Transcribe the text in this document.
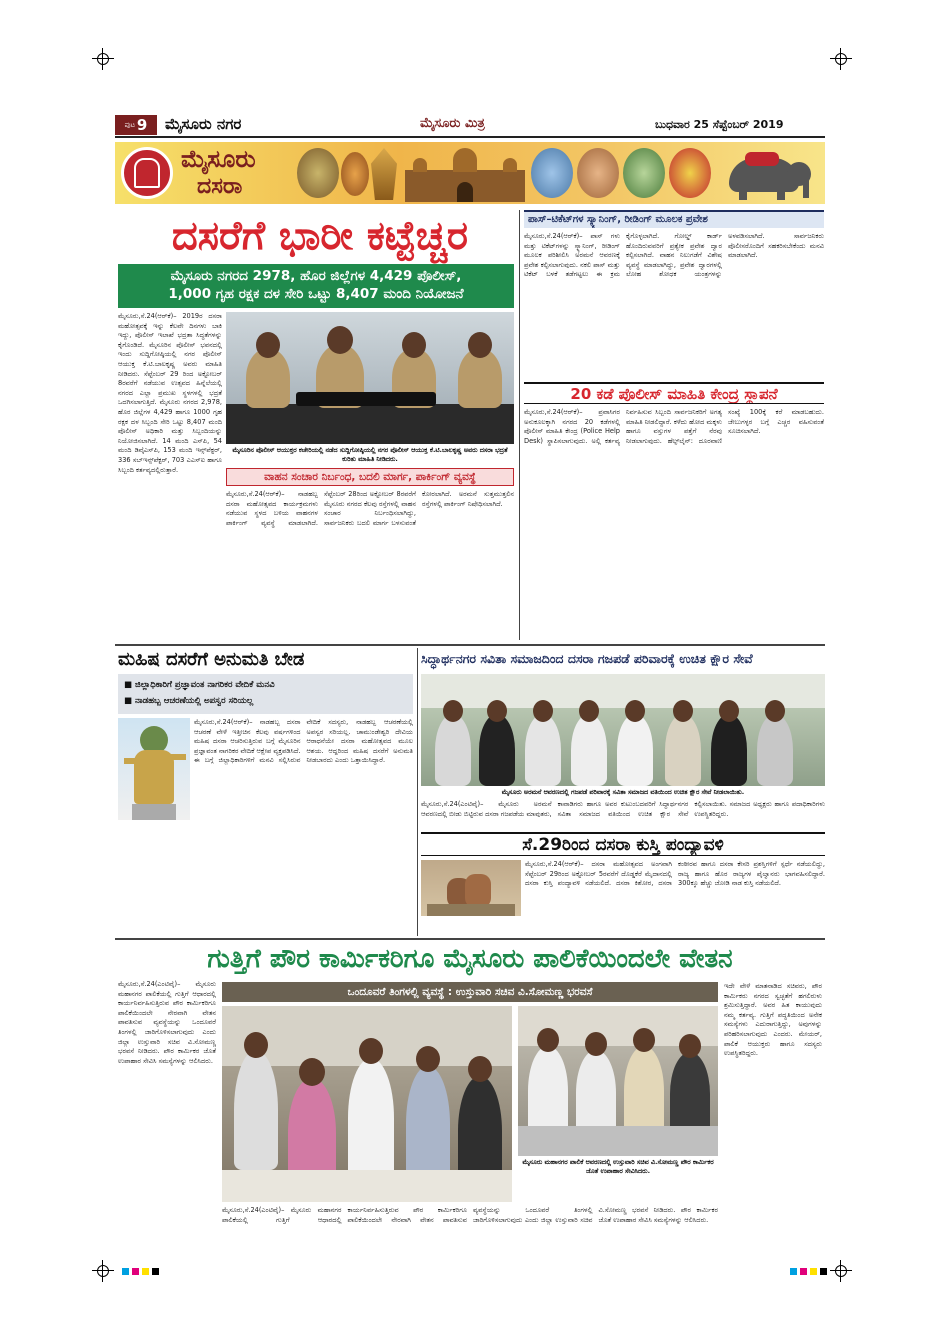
ಪುಟ 9 ಮೈಸೂರು ನಗರ	ಮೈಸೂರು ಮಿತ್ರ	ಬುಧವಾರ 25 ಸೆಪ್ಟೆಂಬರ್ 2019
ಮೈಸೂರು
ದಸರಾ
ದಸರೆಗೆ ಭಾರೀ ಕಟ್ಟೆಚ್ಚರ
ಮೈಸೂರು ನಗರದ 2978, ಹೊರ ಜಿಲ್ಲೆಗಳ 4,429 ಪೊಲೀಸ್,
1,000 ಗೃಹ ರಕ್ಷಕ ದಳ ಸೇರಿ ಒಟ್ಟು 8,407 ಮಂದಿ ನಿಯೋಜನೆ
ಮೈಸೂರು,ಸೆ.24(ಆರ್‌ಕೆ)– 2019ರ ದಸರಾ ಮಹೋತ್ಸವಕ್ಕೆ ಇನ್ನು ಕೆಲವೇ ದಿನಗಳು ಬಾಕಿ ಇದ್ದು, ಪೊಲೀಸ್ ಇಲಾಖೆ ಭದ್ರತಾ ಸಿದ್ಧತೆಗಳನ್ನು ಕೈಗೊಂಡಿದೆ. ಮೈಸೂರಿನ ಪೊಲೀಸ್ ಭವನದಲ್ಲಿ ಇಂದು ಸುದ್ದಿಗೋಷ್ಠಿಯಲ್ಲಿ ನಗರ ಪೊಲೀಸ್ ಆಯುಕ್ತ ಕೆ.ಟಿ.ಬಾಲಕೃಷ್ಣ ಅವರು ಮಾಹಿತಿ ನೀಡಿದರು. ಸೆಪ್ಟೆಂಬರ್ 29 ರಿಂದ ಅಕ್ಟೋಬರ್ 8ರವರೆಗೆ ನಡೆಯುವ ಉತ್ಸವದ ಹಿನ್ನೆಲೆಯಲ್ಲಿ ನಗರದ ಎಲ್ಲಾ ಪ್ರಮುಖ ಸ್ಥಳಗಳಲ್ಲಿ ಭದ್ರತೆ ಒದಗಿಸಲಾಗುತ್ತಿದೆ. ಮೈಸೂರು ನಗರದ 2,978, ಹೊರ ಜಿಲ್ಲೆಗಳ 4,429 ಹಾಗೂ 1000 ಗೃಹ ರಕ್ಷಕ ದಳ ಸಿಬ್ಬಂದಿ ಸೇರಿ ಒಟ್ಟು 8,407 ಮಂದಿ ಪೊಲೀಸ್ ಅಧಿಕಾರಿ ಮತ್ತು ಸಿಬ್ಬಂದಿಯನ್ನು ನಿಯೋಜಿಸಲಾಗಿದೆ. 14 ಮಂದಿ ಎಸ್‌ಪಿ, 54 ಮಂದಿ ಡಿವೈಎಸ್‌ಪಿ, 153 ಮಂದಿ ಇನ್ಸ್‌ಪೆಕ್ಟರ್, 336 ಸಬ್‌ಇನ್ಸ್‌ಪೆಕ್ಟರ್, 703 ಎಎಸ್‌ಐ ಹಾಗೂ ಸಿಬ್ಬಂದಿ ಕರ್ತವ್ಯದಲ್ಲಿರುತ್ತಾರೆ.
ಮೈಸೂರಿನ ಪೊಲೀಸ್ ಆಯುಕ್ತರ ಕಚೇರಿಯಲ್ಲಿ ನಡೆದ ಸುದ್ದಿಗೋಷ್ಠಿಯಲ್ಲಿ ನಗರ ಪೊಲೀಸ್ ಆಯುಕ್ತ ಕೆ.ಟಿ.ಬಾಲಕೃಷ್ಣ ಅವರು ದಸರಾ ಭದ್ರತೆ ಕುರಿತು ಮಾಹಿತಿ ನೀಡಿದರು.
ವಾಹನ ಸಂಚಾರ ನಿರ್ಬಂಧ, ಬದಲಿ ಮಾರ್ಗ, ಪಾರ್ಕಿಂಗ್ ವ್ಯವಸ್ಥೆ
ಮೈಸೂರು,ಸೆ.24(ಆರ್‌ಕೆ)– ನಾಡಹಬ್ಬ ದಸರಾ ಮಹೋತ್ಸವದ ಕಾರ್ಯಕ್ರಮಗಳು ನಡೆಯುವ ಸ್ಥಳದ ಬಳಿಯ ವಾಹನಗಳ ಪಾರ್ಕಿಂಗ್ ವ್ಯವಸ್ಥೆ ಮಾಡಲಾಗಿದೆ. ಸೆಪ್ಟೆಂಬರ್ 28ರಿಂದ ಅಕ್ಟೋಬರ್ 8ರವರೆಗೆ ಮೈಸೂರು ನಗರದ ಕೆಲವು ರಸ್ತೆಗಳಲ್ಲಿ ವಾಹನ ಸಂಚಾರ ನಿರ್ಬಂಧಿಸಲಾಗಿದ್ದು, ಸಾರ್ವಜನಿಕರು ಬದಲಿ ಮಾರ್ಗ ಬಳಸುವಂತೆ ಕೋರಲಾಗಿದೆ. ಅರಮನೆ ಸುತ್ತಮುತ್ತಲಿನ ರಸ್ತೆಗಳಲ್ಲಿ ಪಾರ್ಕಿಂಗ್ ನಿಷೇಧಿಸಲಾಗಿದೆ.
ಪಾಸ್–ಟಿಕೆಟ್‌ಗಳ ಸ್ಕ್ಯಾನಿಂಗ್, ರೀಡಿಂಗ್ ಮೂಲಕ ಪ್ರವೇಶ
ಮೈಸೂರು,ಸೆ.24(ಆರ್‌ಕೆ)– ಪಾಸ್ ಗಳು ಮತ್ತು ಟಿಕೆಟ್‌ಗಳನ್ನು ಸ್ಕ್ಯಾನಿಂಗ್, ರೀಡಿಂಗ್ ಮೂಲಕ ಪರಿಶೀಲಿಸಿ ಅರಮನೆ ಆವರಣಕ್ಕೆ ಪ್ರವೇಶ ಕಲ್ಪಿಸಲಾಗುವುದು. ನಕಲಿ ಪಾಸ್ ಮತ್ತು ಟಿಕೆಟ್ ಬಳಕೆ ತಡೆಗಟ್ಟಲು ಈ ಕ್ರಮ ಕೈಗೊಳ್ಳಲಾಗಿದೆ. ಗೋಲ್ಡ್ ಕಾರ್ಡ್ ಹೊಂದಿರುವವರಿಗೆ ಪ್ರತ್ಯೇಕ ಪ್ರವೇಶ ದ್ವಾರ ಕಲ್ಪಿಸಲಾಗಿದೆ. ವಾಹನ ನಿಲುಗಡೆಗೆ ವಿಶೇಷ ವ್ಯವಸ್ಥೆ ಮಾಡಲಾಗಿದ್ದು, ಪ್ರವೇಶ ದ್ವಾರಗಳಲ್ಲಿ ಲೋಹ ಶೋಧಕ ಯಂತ್ರಗಳನ್ನು ಅಳವಡಿಸಲಾಗಿದೆ. ಸಾರ್ವಜನಿಕರು ಪೊಲೀಸರೊಂದಿಗೆ ಸಹಕರಿಸಬೇಕೆಂದು ಮನವಿ ಮಾಡಲಾಗಿದೆ.
20 ಕಡೆ ಪೊಲೀಸ್ ಮಾಹಿತಿ ಕೇಂದ್ರ ಸ್ಥಾಪನೆ
ಮೈಸೂರು,ಸೆ.24(ಆರ್‌ಕೆ)– ಪ್ರವಾಸಿಗರ ಅನುಕೂಲಕ್ಕಾಗಿ ನಗರದ 20 ಕಡೆಗಳಲ್ಲಿ ಪೊಲೀಸ್ ಮಾಹಿತಿ ಕೇಂದ್ರ (Police Help Desk) ಸ್ಥಾಪಿಸಲಾಗುವುದು. ಅಲ್ಲಿ ಕರ್ತವ್ಯ ನಿರ್ವಹಿಸುವ ಸಿಬ್ಬಂದಿ ಸಾರ್ವಜನಿಕರಿಗೆ ಅಗತ್ಯ ಮಾಹಿತಿ ನೀಡಲಿದ್ದಾರೆ. ಕಳೆದು ಹೋದ ಮಕ್ಕಳು ಹಾಗೂ ವಸ್ತುಗಳ ಪತ್ತೆಗೆ ನೆರವು ನೀಡಲಾಗುವುದು. ಹೆಲ್ಪ್‌ಲೈನ್: ದೂರವಾಣಿ ಸಂಖ್ಯೆ 100ಕ್ಕೆ ಕರೆ ಮಾಡಬಹುದು. ಜೇಬುಗಳ್ಳರ ಬಗ್ಗೆ ಎಚ್ಚರ ವಹಿಸುವಂತೆ ಸೂಚಿಸಲಾಗಿದೆ.
ಮಹಿಷ ದಸರೆಗೆ ಅನುಮತಿ ಬೇಡ
■ ಜಿಲ್ಲಾಧಿಕಾರಿಗೆ ಪ್ರಜ್ಞಾವಂತ ನಾಗರಿಕರ ವೇದಿಕೆ ಮನವಿ
■ ನಾಡಹಬ್ಬ ಆಚರಣೆಯಲ್ಲಿ ಅಪಸ್ವರ ಸರಿಯಲ್ಲ
ಮೈಸೂರು,ಸೆ.24(ಆರ್‌ಕೆ)– ನಾಡಹಬ್ಬ ದಸರಾ ಆಚರಣೆ ವೇಳೆ ಇತ್ತೀಚಿನ ಕೆಲವು ವರ್ಷಗಳಿಂದ ಮಹಿಷ ದಸರಾ ಆಚರಿಸುತ್ತಿರುವ ಬಗ್ಗೆ ಮೈಸೂರಿನ ಪ್ರಜ್ಞಾವಂತ ನಾಗರಿಕರ ವೇದಿಕೆ ಆಕ್ಷೇಪ ವ್ಯಕ್ತಪಡಿಸಿದೆ. ಈ ಬಗ್ಗೆ ಜಿಲ್ಲಾಧಿಕಾರಿಗಳಿಗೆ ಮನವಿ ಸಲ್ಲಿಸಿರುವ ವೇದಿಕೆ ಸದಸ್ಯರು, ನಾಡಹಬ್ಬ ಆಚರಣೆಯಲ್ಲಿ ಅಪಸ್ವರ ಸರಿಯಲ್ಲ. ಚಾಮುಂಡೇಶ್ವರಿ ದೇವಿಯ ಆರಾಧನೆಯೇ ದಸರಾ ಮಹೋತ್ಸವದ ಮೂಲ ಆಶಯ. ಆದ್ದರಿಂದ ಮಹಿಷ ದಸರೆಗೆ ಅನುಮತಿ ನೀಡಬಾರದು ಎಂದು ಒತ್ತಾಯಿಸಿದ್ದಾರೆ.
ಸಿದ್ಧಾರ್ಥನಗರ ಸವಿತಾ ಸಮಾಜದಿಂದ ದಸರಾ ಗಜಪಡೆ ಪರಿವಾರಕ್ಕೆ ಉಚಿತ ಕ್ಷೌರ ಸೇವೆ
ಮೈಸೂರು ಅರಮನೆ ಆವರಣದಲ್ಲಿ ಗಜಪಡೆ ಪರಿವಾರಕ್ಕೆ ಸವಿತಾ ಸಮಾಜದ ವತಿಯಿಂದ ಉಚಿತ ಕ್ಷೌರ ಸೇವೆ ನೀಡಲಾಯಿತು.
ಮೈಸೂರು,ಸೆ.24(ಎಂಟಿವೈ)– ಮೈಸೂರು ಅರಮನೆ ಆವರಣದಲ್ಲಿ ಬೀಡು ಬಿಟ್ಟಿರುವ ದಸರಾ ಗಜಪಡೆಯ ಮಾವುತರು, ಕಾವಾಡಿಗರು ಹಾಗೂ ಅವರ ಕುಟುಂಬದವರಿಗೆ ಸಿದ್ಧಾರ್ಥನಗರ ಸವಿತಾ ಸಮಾಜದ ವತಿಯಿಂದ ಉಚಿತ ಕ್ಷೌರ ಸೇವೆ ಕಲ್ಪಿಸಲಾಯಿತು. ಸಮಾಜದ ಅಧ್ಯಕ್ಷರು ಹಾಗೂ ಪದಾಧಿಕಾರಿಗಳು ಉಪಸ್ಥಿತರಿದ್ದರು.
ಸೆ.29ರಿಂದ ದಸರಾ ಕುಸ್ತಿ ಪಂದ್ಯಾವಳಿ
ಮೈಸೂರು,ಸೆ.24(ಆರ್‌ಕೆ)– ದಸರಾ ಮಹೋತ್ಸವದ ಅಂಗವಾಗಿ ಸೆಪ್ಟೆಂಬರ್ 29ರಿಂದ ಅಕ್ಟೋಬರ್ 5ರವರೆಗೆ ದೊಡ್ಡಕೆರೆ ಮೈದಾನದಲ್ಲಿ ದಸರಾ ಕುಸ್ತಿ ಪಂದ್ಯಾವಳಿ ನಡೆಯಲಿದೆ. ದಸರಾ ಕಿಶೋರ, ದಸರಾ ಕಂಠೀರವ ಹಾಗೂ ದಸರಾ ಕೇಸರಿ ಪ್ರಶಸ್ತಿಗಳಿಗೆ ಸ್ಪರ್ಧೆ ನಡೆಯಲಿದ್ದು, ರಾಜ್ಯ ಹಾಗೂ ಹೊರ ರಾಜ್ಯಗಳ ಪೈಲ್ವಾನರು ಭಾಗವಹಿಸಲಿದ್ದಾರೆ. 300ಕ್ಕೂ ಹೆಚ್ಚು ಜೋಡಿ ನಾಡ ಕುಸ್ತಿ ನಡೆಯಲಿದೆ.
ಗುತ್ತಿಗೆ ಪೌರ ಕಾರ್ಮಿಕರಿಗೂ ಮೈಸೂರು ಪಾಲಿಕೆಯಿಂದಲೇ ವೇತನ
ಮೈಸೂರು,ಸೆ.24(ಎಂಟಿವೈ)– ಮೈಸೂರು ಮಹಾನಗರ ಪಾಲಿಕೆಯಲ್ಲಿ ಗುತ್ತಿಗೆ ಆಧಾರದಲ್ಲಿ ಕಾರ್ಯನಿರ್ವಹಿಸುತ್ತಿರುವ ಪೌರ ಕಾರ್ಮಿಕರಿಗೂ ಪಾಲಿಕೆಯಿಂದಲೇ ನೇರವಾಗಿ ವೇತನ ಪಾವತಿಸುವ ವ್ಯವಸ್ಥೆಯನ್ನು ಒಂದೂವರೆ ತಿಂಗಳಲ್ಲಿ ಜಾರಿಗೊಳಿಸಲಾಗುವುದು ಎಂದು ಜಿಲ್ಲಾ ಉಸ್ತುವಾರಿ ಸಚಿವ ವಿ.ಸೋಮಣ್ಣ ಭರವಸೆ ನೀಡಿದರು. ಪೌರ ಕಾರ್ಮಿಕರ ಜೊತೆ ಉಪಾಹಾರ ಸೇವಿಸಿ ಸಮಸ್ಯೆಗಳನ್ನು ಆಲಿಸಿದರು.
ಒಂದೂವರೆ ತಿಂಗಳಲ್ಲಿ ವ್ಯವಸ್ಥೆ : ಉಸ್ತುವಾರಿ ಸಚಿವ ವಿ.ಸೋಮಣ್ಣ ಭರವಸೆ
ಮೈಸೂರು ಮಹಾನಗರ ಪಾಲಿಕೆ ಆವರಣದಲ್ಲಿ ಉಸ್ತುವಾರಿ ಸಚಿವ ವಿ.ಸೋಮಣ್ಣ ಪೌರ ಕಾರ್ಮಿಕರ ಜೊತೆ ಉಪಾಹಾರ ಸೇವಿಸಿದರು.
ಇದೇ ವೇಳೆ ಮಾತನಾಡಿದ ಸಚಿವರು, ಪೌರ ಕಾರ್ಮಿಕರು ನಗರದ ಸ್ವಚ್ಛತೆಗೆ ಹಗಲಿರುಳು ಶ್ರಮಿಸುತ್ತಿದ್ದಾರೆ. ಅವರ ಹಿತ ಕಾಯುವುದು ನಮ್ಮ ಕರ್ತವ್ಯ. ಗುತ್ತಿಗೆ ಪದ್ಧತಿಯಿಂದ ಅನೇಕ ಸಮಸ್ಯೆಗಳು ಎದುರಾಗುತ್ತಿದ್ದು, ಅವುಗಳನ್ನು ಪರಿಹರಿಸಲಾಗುವುದು ಎಂದರು. ಮೇಯರ್, ಪಾಲಿಕೆ ಆಯುಕ್ತರು ಹಾಗೂ ಸದಸ್ಯರು ಉಪಸ್ಥಿತರಿದ್ದರು.
ಮೈಸೂರು,ಸೆ.24(ಎಂಟಿವೈ)– ಮೈಸೂರು ಮಹಾನಗರ ಪಾಲಿಕೆಯಲ್ಲಿ ಗುತ್ತಿಗೆ ಆಧಾರದಲ್ಲಿ ಕಾರ್ಯನಿರ್ವಹಿಸುತ್ತಿರುವ ಪೌರ ಕಾರ್ಮಿಕರಿಗೂ ಪಾಲಿಕೆಯಿಂದಲೇ ನೇರವಾಗಿ ವೇತನ ಪಾವತಿಸುವ ವ್ಯವಸ್ಥೆಯನ್ನು ಒಂದೂವರೆ ತಿಂಗಳಲ್ಲಿ ಜಾರಿಗೊಳಿಸಲಾಗುವುದು ಎಂದು ಜಿಲ್ಲಾ ಉಸ್ತುವಾರಿ ಸಚಿವ ವಿ.ಸೋಮಣ್ಣ ಭರವಸೆ ನೀಡಿದರು. ಪೌರ ಕಾರ್ಮಿಕರ ಜೊತೆ ಉಪಾಹಾರ ಸೇವಿಸಿ ಸಮಸ್ಯೆಗಳನ್ನು ಆಲಿಸಿದರು.
